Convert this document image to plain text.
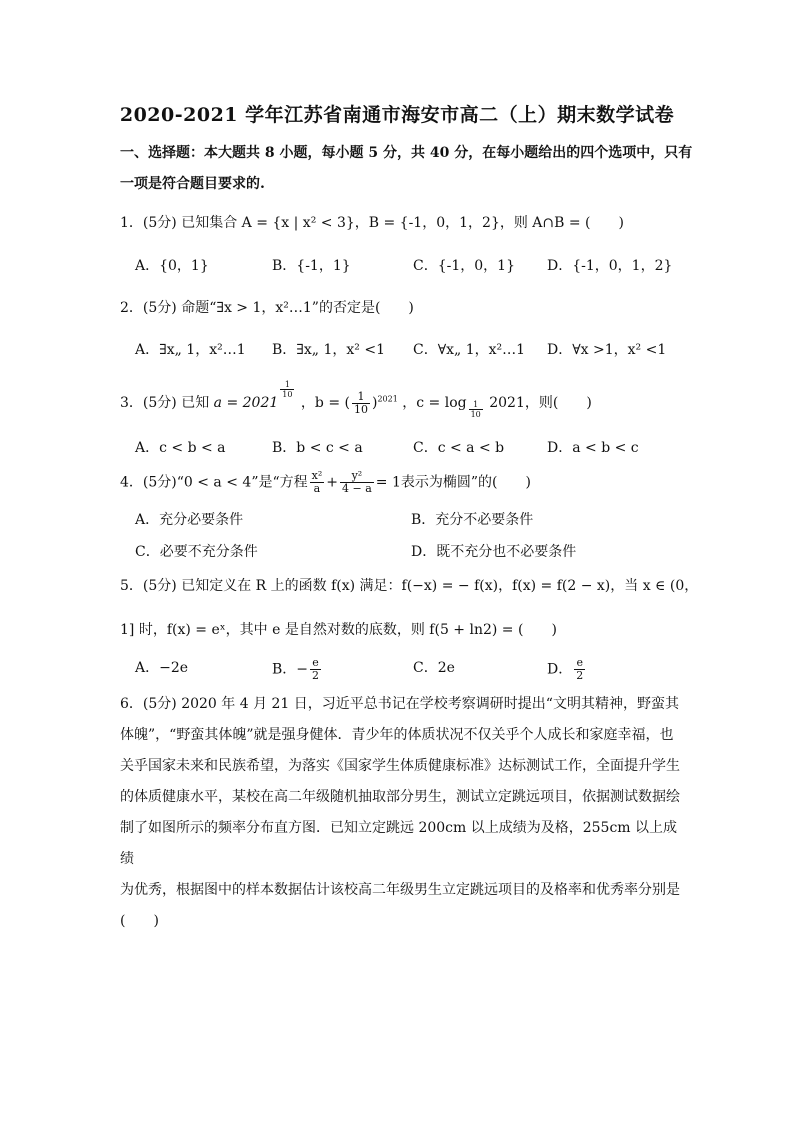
2020-2021 学年江苏省南通市海安市高二（上）期末数学试卷
一、选择题：本大题共 8 小题，每小题 5 分，共 40 分，在每小题给出的四个选项中，只有
一项是符合题目要求的.
1．(5分) 已知集合 A = {x | x² < 3}，B = {-1，0，1，2}，则 A∩B = (　　)
A．{0，1}	B．{-1，1}	C．{-1，0，1} D．{-1，0，1，2}
2．(5分) 命题“∃x > 1，x²…1”的否定是(　　)
A．∃x„ 1，x²…1 B．∃x„ 1，x² <1 C．∀x„ 1，x²…1 D．∀x >1，x² <1
3．(5分) 已知 a = 2021
$\frac{1}{10}$
，b = ( $\frac{1}{10} )^{2021}$ ，$c = \log \frac{1}{10} 2021$，则(　　)
A．c < b < a	B．b < c < a	C．c < a < b	D．a < b < c
4．(5分)“0 < a < 4”是“方程 $\frac{\text{x²}}{a} + \frac{\text{y²}}{4 - a} = 1$表示为椭圆”的(　　)
A．充分必要条件	B．充分不必要条件
C．必要不充分条件	D．既不充分也不必要条件
5．(5分) 已知定义在 R 上的函数 f(x) 满足：f(−x) = − f(x)，f(x) = f(2 − x)，当 x ∈ (0，
1] 时，f(x) = eˣ，其中 e 是自然对数的底数，则 f(5 + ln2) = (　　)
A．−2e	B．− $\frac{e}{2}$	C．2e	D． $\frac{e}{2}$
6．(5分) 2020 年 4 月 21 日，习近平总书记在学校考察调研时提出“文明其精神，野蛮其
体魄”，“野蛮其体魄”就是强身健体．青少年的体质状况不仅关乎个人成长和家庭幸福，也
关乎国家未来和民族希望，为落实《国家学生体质健康标准》达标测试工作，全面提升学生
的体质健康水平，某校在高二年级随机抽取部分男生，测试立定跳远项目，依据测试数据绘
制了如图所示的频率分布直方图．已知立定跳远 200cm 以上成绩为及格，255cm 以上成绩
为优秀，根据图中的样本数据估计该校高二年级男生立定跳远项目的及格率和优秀率分别是
(　　)
